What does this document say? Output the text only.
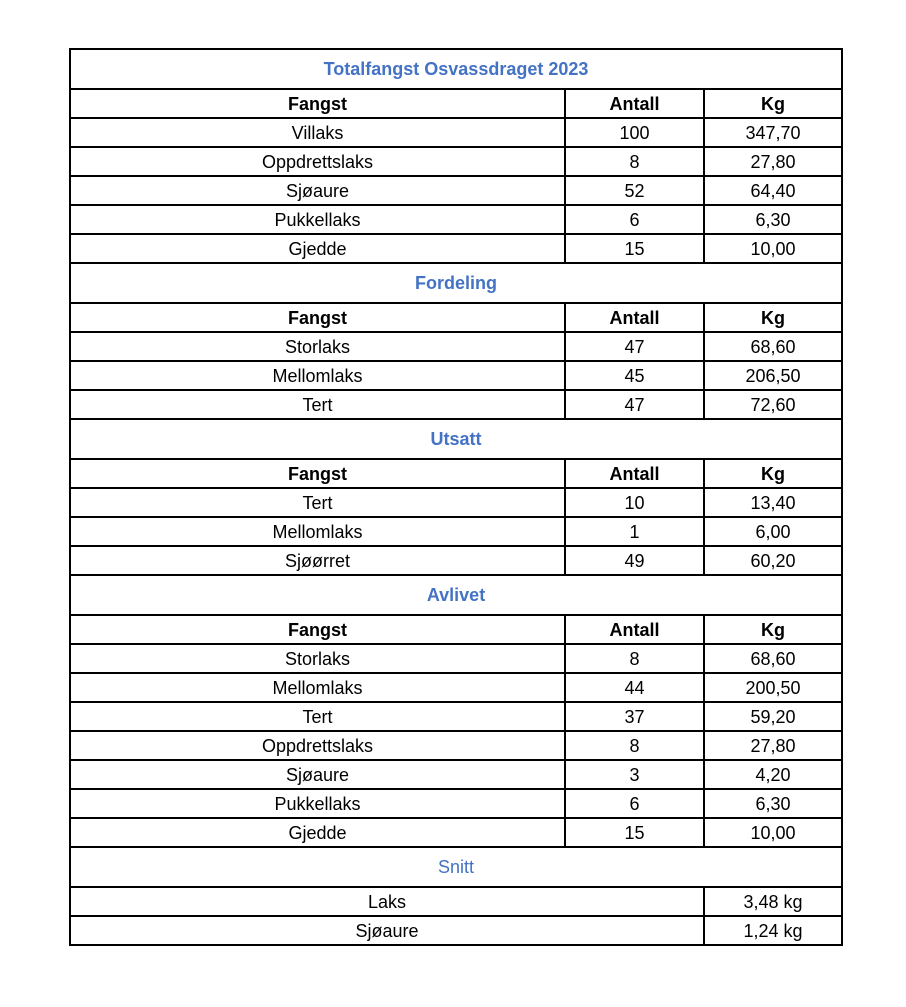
Totalfangst Osvassdraget 2023		
Fangst	Antall	Kg
Villaks	100	347,70
Oppdrettslaks	8	27,80
Sjøaure	52	64,40
Pukkellaks	6	6,30
Gjedde	15	10,00
Fordeling		
Fangst	Antall	Kg
Storlaks	47	68,60
Mellomlaks	45	206,50
Tert	47	72,60
Utsatt		
Fangst	Antall	Kg
Tert	10	13,40
Mellomlaks	1	6,00
Sjøørret	49	60,20
Avlivet		
Fangst	Antall	Kg
Storlaks	8	68,60
Mellomlaks	44	200,50
Tert	37	59,20
Oppdrettslaks	8	27,80
Sjøaure	3	4,20
Pukkellaks	6	6,30
Gjedde	15	10,00
Snitt		
Laks		3,48 kg
Sjøaure		1,24 kg
